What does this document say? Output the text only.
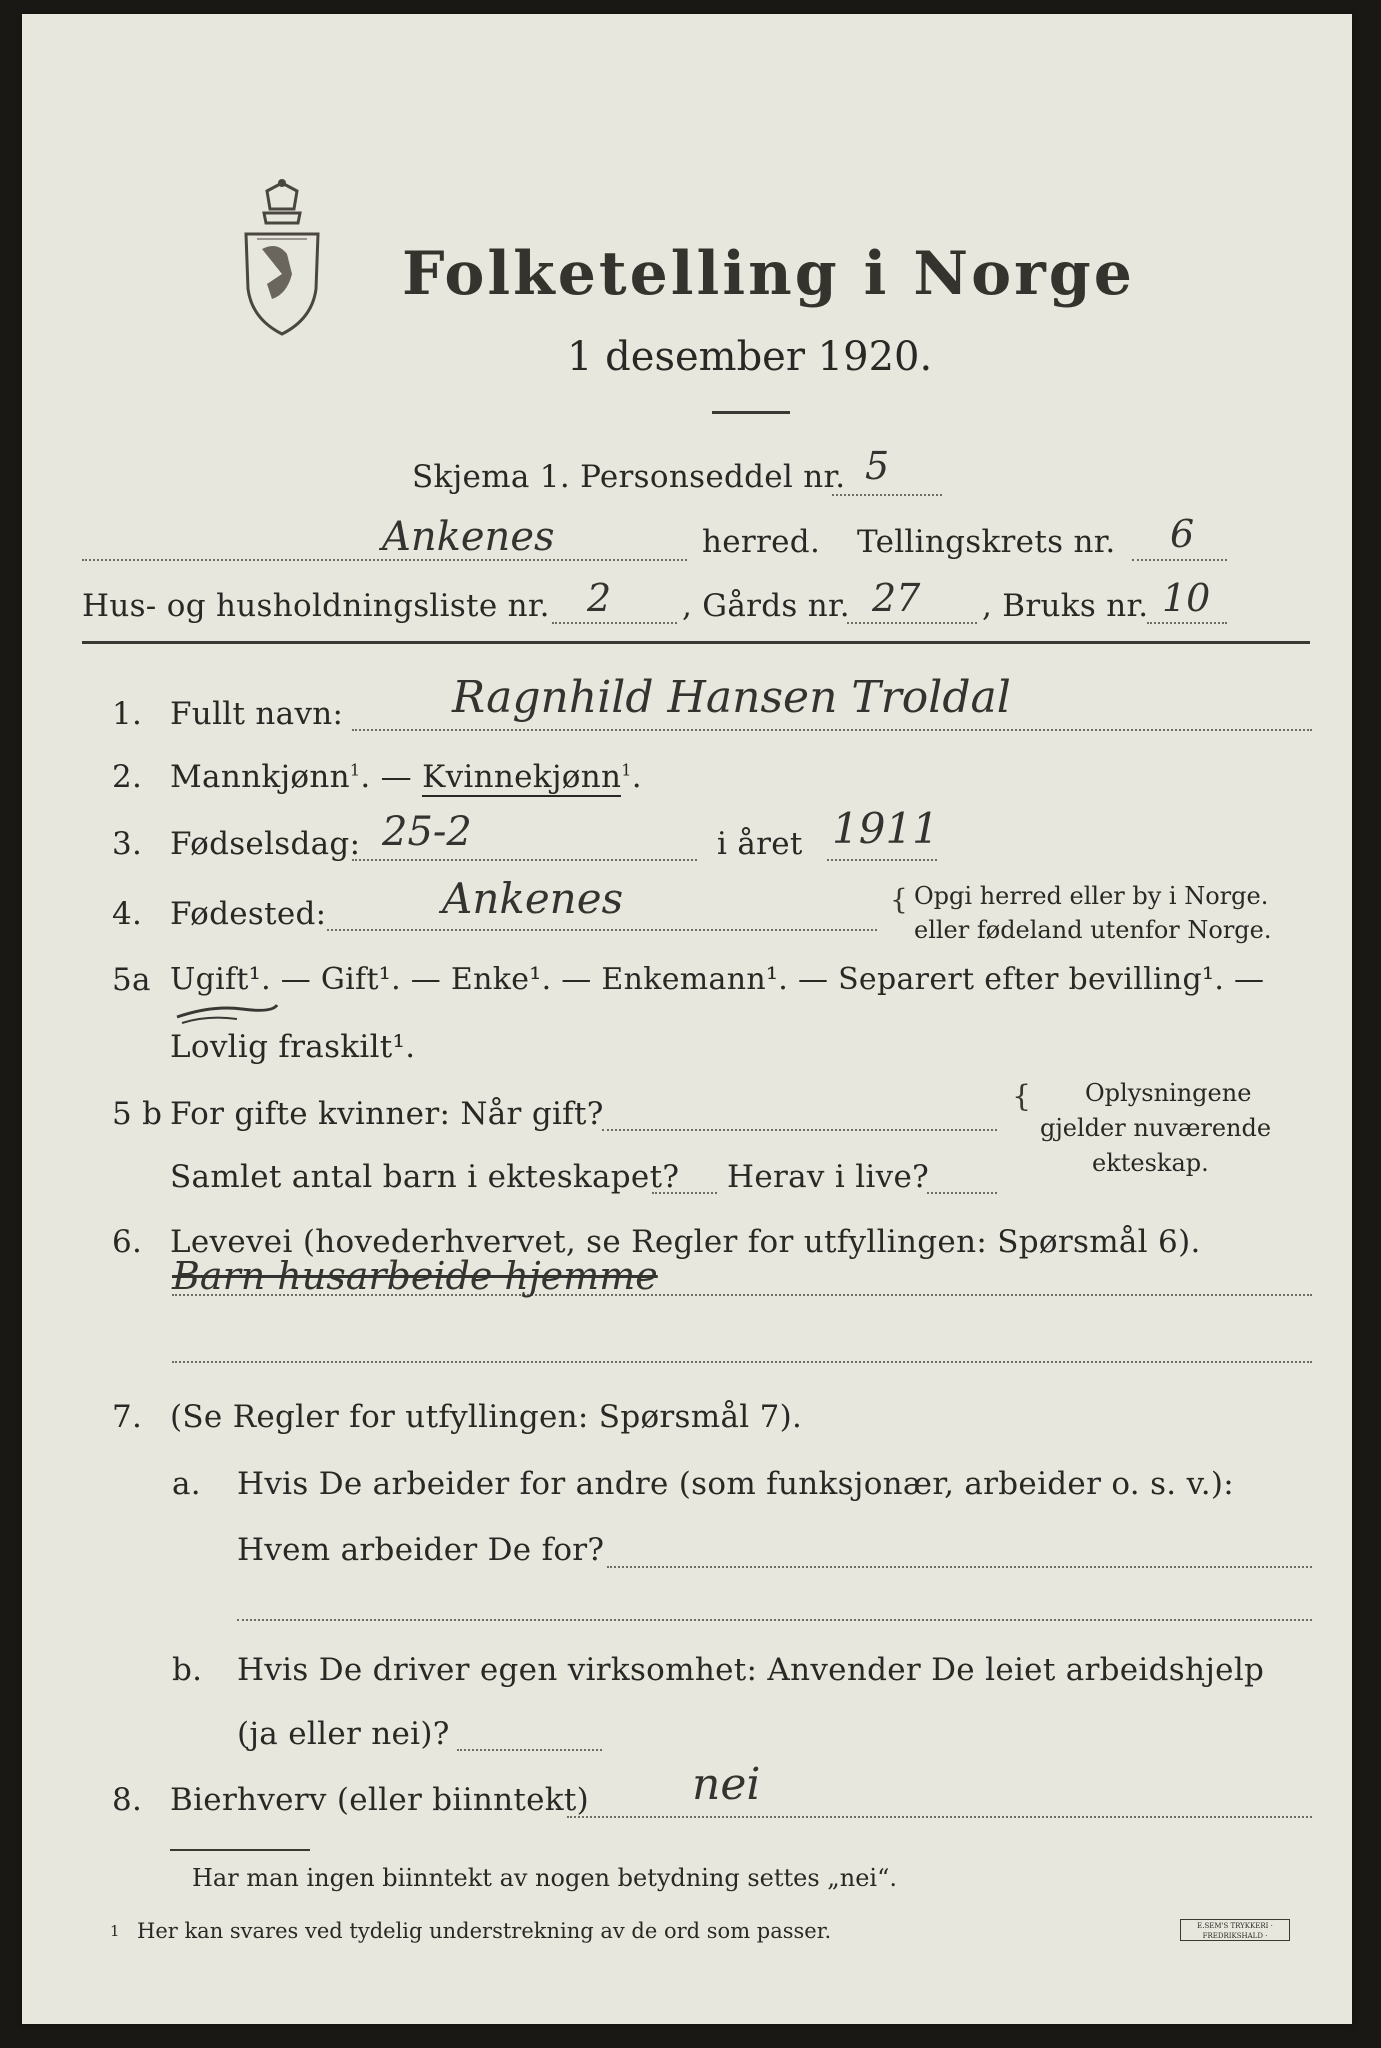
Folketelling i Norge
1 desember 1920.
Skjema 1. Personseddel nr. 5
Ankenes	herred. Tellingskrets nr. 6
Hus- og husholdningsliste nr. 2 , Gårds nr. 27 , Bruks nr. 10
1. Fullt navn: Ragnhild Hansen Troldal
2. Mannkjønn$^1$. — Kvinnekjønn$^1$.
3. Fødselsdag: 25-2	i året 1911
4. Fødested:	Ankenes	{ Opgi herred eller by i Norge.
eller fødeland utenfor Norge.
5a Ugift¹. — Gift¹. — Enke¹. — Enkemann¹. — Separert efter bevilling¹. —
Lovlig fraskilt¹.
5 b For gifte kvinner: Når gift?
Samlet antal barn i ekteskapet? Herav i live?
{

Oplysningene
gjelder nuværende
ekteskap.
6. Levevei (hovederhvervet, se Regler for utfyllingen: Spørsmål 6).
Barn husarbeide hjemme
7. (Se Regler for utfyllingen: Spørsmål 7).
a. Hvis De arbeider for andre (som funksjonær, arbeider o. s. v.):
Hvem arbeider De for?
b. Hvis De driver egen virksomhet: Anvender De leiet arbeidshjelp
(ja eller nei)?
8. Bierhverv (eller biinntekt) nei
Har man ingen biinntekt av nogen betydning settes „nei“.
1 Her kan svares ved tydelig understrekning av de ord som passer.	E.SEM'S TRYKKERI · FREDRIKSHALD ·
